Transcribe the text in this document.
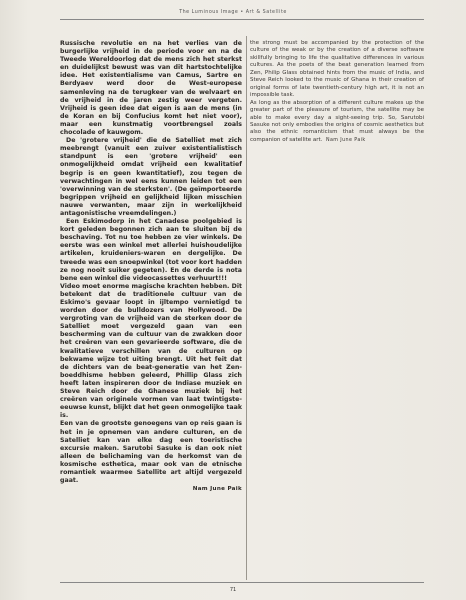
The Luminous Image • Art & Satellite

Russische revolutie en na het verlies van de burgerlijke vrijheid in de periode voor en na de Tweede Wereldoorlog dat de mens zich het sterkst en duidelijkst bewust was van dit hartstochtelijke idee. Het existentialisme van Camus, Sartre en Berdyaev werd door de West-europese samenleving na de terugkeer van de welvaart en de vrijheid in de jaren zestig weer vergeten. Vrijheid is geen idee dat eigen is aan de mens (in de Koran en bij Confucius komt het niet voor), maar een kunstmatig voortbrengsel zoals chocolade of kauwgom.

De 'grotere vrijheid' die de Satelliet met zich meebrengt (vanuit een zuiver existentialistisch standpunt is een 'grotere vrijheid' een onmogelijkheid omdat vrijheid een kwalitatief begrip is en geen kwantitatief), zou tegen de verwachtingen in wel eens kunnen leiden tot een 'overwinning van de sterksten'. (De geïmporteerde begrippen vrijheid en gelijkheid lijken misschien nauwe verwanten, maar zijn in werkelijkheid antagonistische vreemdelingen.)

Een Eskimodorp in het Canadese poolgebied is kort geleden begonnen zich aan te sluiten bij de beschaving. Tot nu toe hebben ze vier winkels. De eerste was een winkel met allerlei huishoudelijke artikelen, kruideniers-waren en dergelijke. De tweede was een snoepwinkel (tot voor kort hadden ze nog nooit suiker gegeten). En de derde is nota bene een winkel die videocassettes verhuurt!!!

Video moet enorme magische krachten hebben. Dit betekent dat de traditionele cultuur van de Eskimo's gevaar loopt in ijltempo vernietigd te worden door de bulldozers van Hollywood. De vergroting van de vrijheid van de sterken door de Satelliet moet vergezeld gaan van een bescherming van de cultuur van de zwakken door het creëren van een gevarieerde software, die de kwalitatieve verschillen van de culturen op bekwame wijze tot uiting brengt. Uit het feit dat de dichters van de beat-generatie van het Zen-boeddhisme hebben geleerd, Phillip Glass zich heeft laten inspireren door de Indiase muziek en Steve Reich door de Ghanese muziek bij het creëren van originele vormen van laat twintigste-eeuwse kunst, blijkt dat het geen onmogelijke taak is.

Een van de grootste genoegens van op reis gaan is het in je opnemen van andere culturen, en de Satelliet kan van elke dag een toeristische excursie maken. Sarutobi Sasuke is dan ook niet alleen de belichaming van de herkomst van de kosmische esthetica, maar ook van de etnische romantiek waarmee Satellite art altijd vergezeld gaat.

Nam June Paik

the strong must be accompanied by the protection of the culture of the weak or by the creation of a diverse software skillfully bringing to life the qualitative differences in various cultures. As the poets of the beat generation learned from Zen, Philip Glass obtained hints from the music of India, and Steve Reich looked to the music of Ghana in their creation of original forms of late twentieth-century high art, it is not an impossible task.

As long as the absorption of a different culture makes up the greater part of the pleasure of tourism, the satellite may be able to make every day a sight-seeing trip. So, Sarutobi Sasuke not only embodies the origins of cosmic aesthetics but also the ethnic romanticism that must always be the companion of satellite art. Nam June Paik

71
